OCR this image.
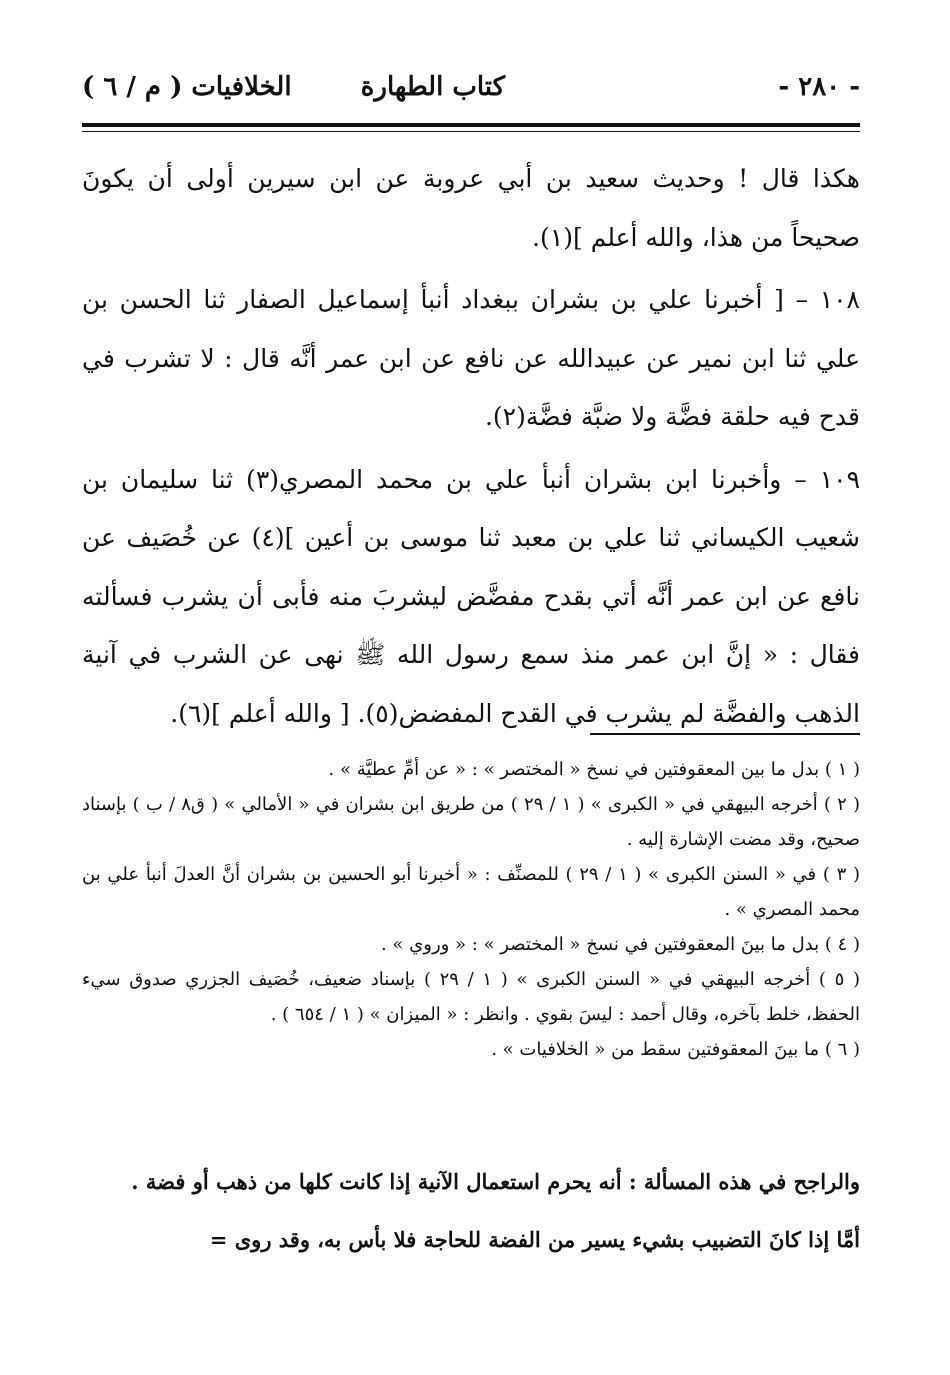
- ٢٨٠ -
كتاب الطهارة
الخلافيات ( م / ٦ )

هكذا قال ! وحديث سعيد بن أبي عروبة عن ابن سيرين أولى أن يكونَ صحيحاً من هذا، والله أعلم ](١).

١٠٨ – [ أخبرنا علي بن بشران ببغداد أنبأ إسماعيل الصفار ثنا الحسن بن علي ثنا ابن نمير عن عبيدالله عن نافع عن ابن عمر أنَّه قال : لا تشرب في قدح فيه حلقة فضَّة ولا ضبَّة فضَّة(٢).

١٠٩ – وأخبرنا ابن بشران أنبأ علي بن محمد المصري(٣) ثنا سليمان بن شعيب الكيساني ثنا علي بن معبد ثنا موسى بن أعين ](٤) عن خُصَيف عن نافع عن ابن عمر أنَّه أتي بقدح مفضَّض ليشربَ منه فأبى أن يشرب فسألته فقال : « إنَّ ابن عمر منذ سمع رسول الله ﷺ نهى عن الشرب في آنية الذهب والفضَّة لم يشرب في القدح المفضض(٥). [ والله أعلم ](٦).

( ١ ) بدل ما بين المعقوفتين في نسخ « المختصر » : « عن أمِّ عطيَّة » .

( ٢ ) أخرجه البيهقي في « الكبرى » ( ١ / ٢٩ ) من طريق ابن بشران في « الأمالي » ( ق٨ / ب ) بإسناد صحيح، وقد مضت الإشارة إليه .

( ٣ ) في « السنن الكبرى » ( ١ / ٢٩ ) للمصنِّف : « أخبرنا أبو الحسين بن بشران أنَّ العدلَ أنبأ علي بن محمد المصري » .

( ٤ ) بدل ما بينَ المعقوفتين في نسخ « المختصر » : « وروي » .

( ٥ ) أخرجه البيهقي في « السنن الكبرى » ( ١ / ٢٩ ) بإسناد ضعيف، خُصَيف الجزري صدوق سيء الحفظ، خلط بآخره، وقال أحمد : ليسَ بقوي . وانظر : « الميزان » ( ١ / ٦٥٤ ) .

( ٦ ) ما بينَ المعقوفتين سقط من « الخلافيات » .

والراجح في هذه المسألة : أنه يحرم استعمال الآنية إذا كانت كلها من ذهب أو فضة .

أمَّا إذا كانَ التضبيب بشيء يسير من الفضة للحاجة فلا بأس به، وقد روى =
